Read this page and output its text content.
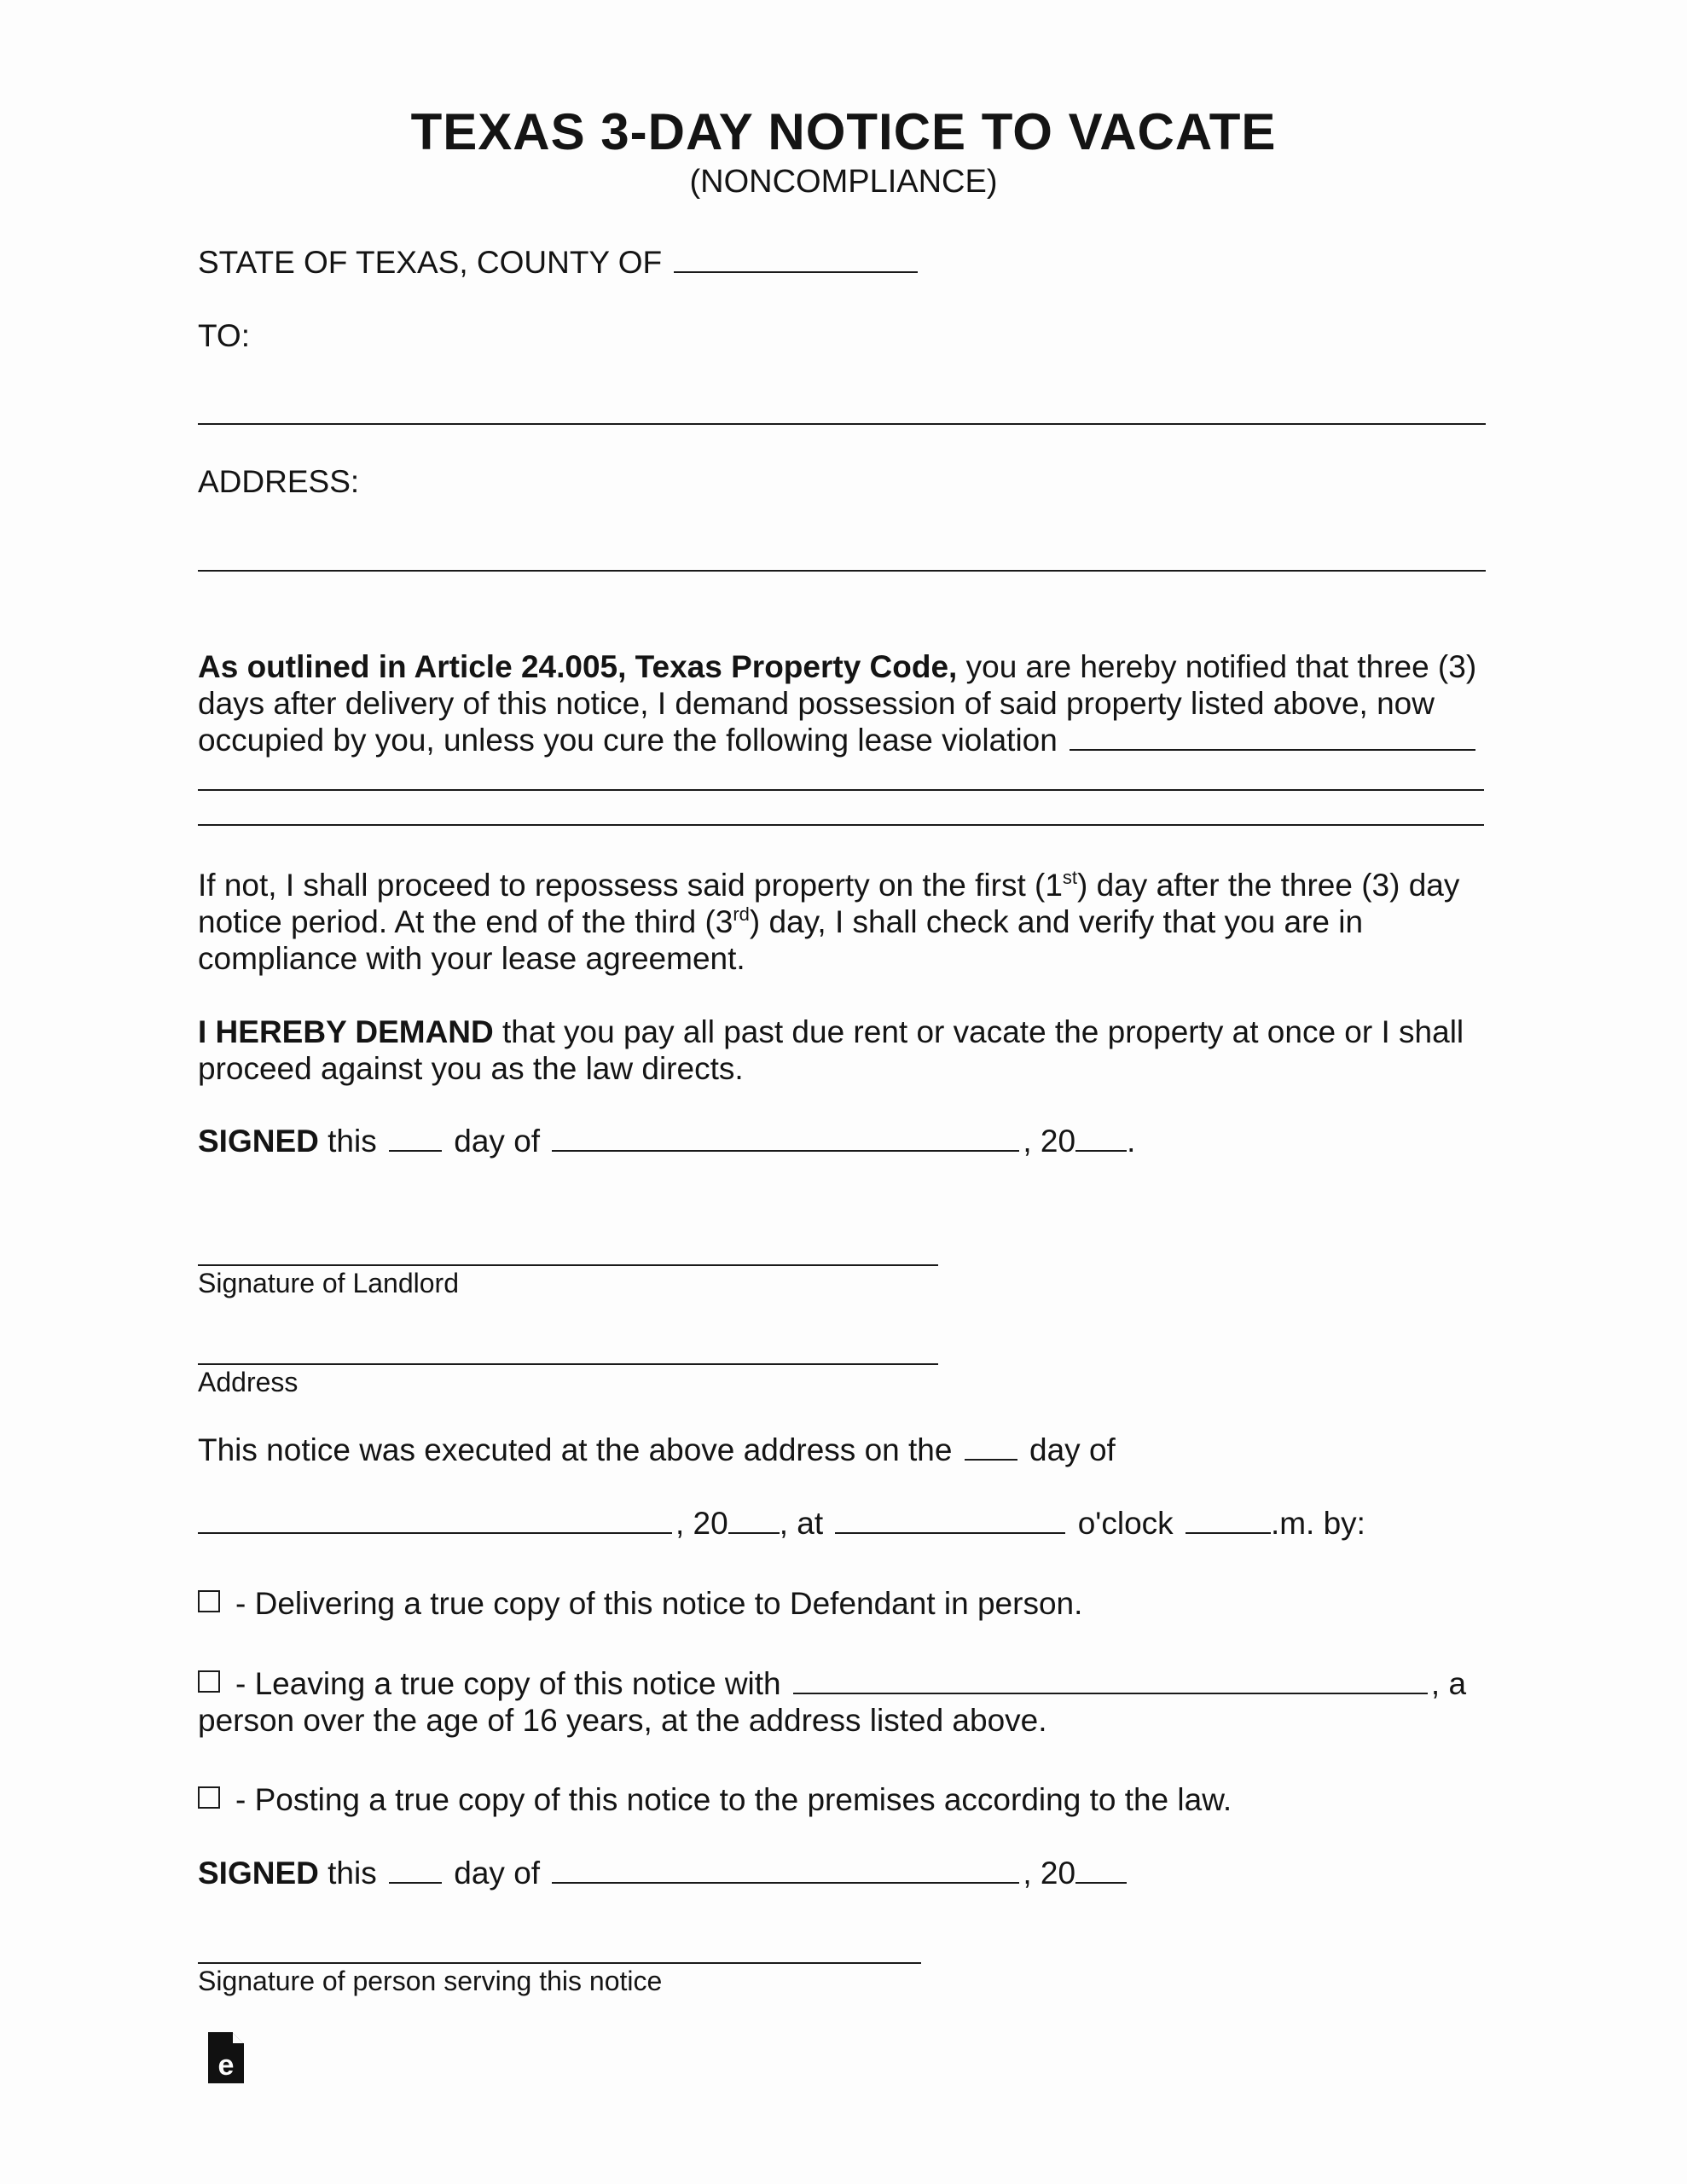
TEXAS 3-DAY NOTICE TO VACATE
(NONCOMPLIANCE)
STATE OF TEXAS, COUNTY OF
TO:
ADDRESS:
As outlined in Article 24.005, Texas Property Code, you are hereby notified that three (3)
days after delivery of this notice, I demand possession of said property listed above, now
occupied by you, unless you cure the following lease violation
If not, I shall proceed to repossess said property on the first (1st) day after the three (3) day
notice period. At the end of the third (3rd) day, I shall check and verify that you are in
compliance with your lease agreement.
I HEREBY DEMAND that you pay all past due rent or vacate the property at once or I shall
proceed against you as the law directs.
SIGNED this day of	, 20 .
Signature of Landlord
Address
This notice was executed at the above address on the day of
, 20 , at	o'clock	.m. by:
- Delivering a true copy of this notice to Defendant in person.
- Leaving a true copy of this notice with	, a
person over the age of 16 years, at the address listed above.
- Posting a true copy of this notice to the premises according to the law.
SIGNED this day of	, 20
Signature of person serving this notice
e
